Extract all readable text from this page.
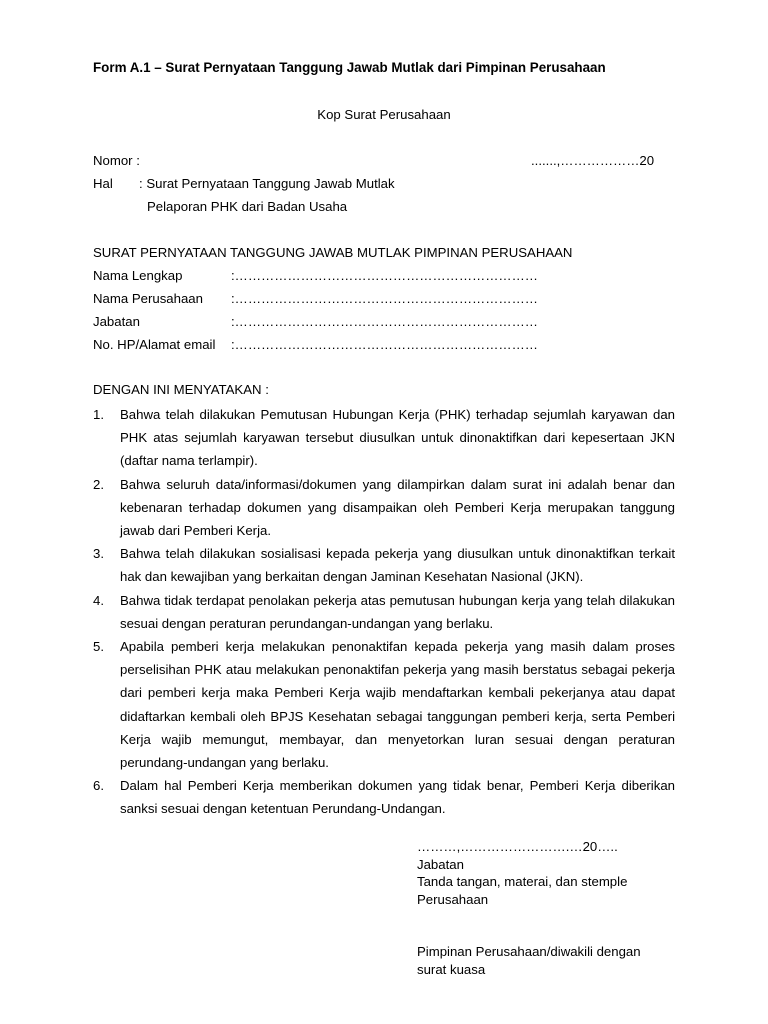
Form A.1 – Surat Pernyataan Tanggung Jawab Mutlak dari Pimpinan Perusahaan
Kop Surat Perusahaan
Nomor :	.......,………………20
Hal : Surat Pernyataan Tanggung Jawab Mutlak
Pelaporan PHK dari Badan Usaha
SURAT PERNYATAAN TANGGUNG JAWAB MUTLAK PIMPINAN PERUSAHAAN
Nama Lengkap	:……………………………………………………………
Nama Perusahaan :……………………………………………………………
Jabatan	:……………………………………………………………
No. HP/Alamat email :……………………………………………………………
DENGAN INI MENYATAKAN :
1.	Bahwa telah dilakukan Pemutusan Hubungan Kerja (PHK) terhadap sejumlah karyawan dan PHK atas sejumlah karyawan tersebut diusulkan untuk dinonaktifkan dari kepesertaan JKN (daftar nama terlampir).
2.	Bahwa seluruh data/informasi/dokumen yang dilampirkan dalam surat ini adalah benar dan kebenaran terhadap dokumen yang disampaikan oleh Pemberi Kerja merupakan tanggung jawab dari Pemberi Kerja.
3.	Bahwa telah dilakukan sosialisasi kepada pekerja yang diusulkan untuk dinonaktifkan terkait hak dan kewajiban yang berkaitan dengan Jaminan Kesehatan Nasional (JKN).
4.	Bahwa tidak terdapat penolakan pekerja atas pemutusan hubungan kerja yang telah dilakukan sesuai dengan peraturan perundangan-undangan yang berlaku.
5.	Apabila pemberi kerja melakukan penonaktifan kepada pekerja yang masih dalam proses perselisihan PHK atau melakukan penonaktifan pekerja yang masih berstatus sebagai pekerja dari pemberi kerja maka Pemberi Kerja wajib mendaftarkan kembali pekerjanya atau dapat didaftarkan kembali oleh BPJS Kesehatan sebagai tanggungan pemberi kerja, serta Pemberi Kerja wajib memungut, membayar, dan menyetorkan luran sesuai dengan peraturan perundang-undangan yang berlaku.
6.	Dalam hal Pemberi Kerja memberikan dokumen yang tidak benar, Pemberi Kerja diberikan sanksi sesuai dengan ketentuan Perundang-Undangan.
………,…………………….…20…..
Jabatan
Tanda tangan, materai, dan stemple
Perusahaan
Pimpinan Perusahaan/diwakili dengan
surat kuasa
